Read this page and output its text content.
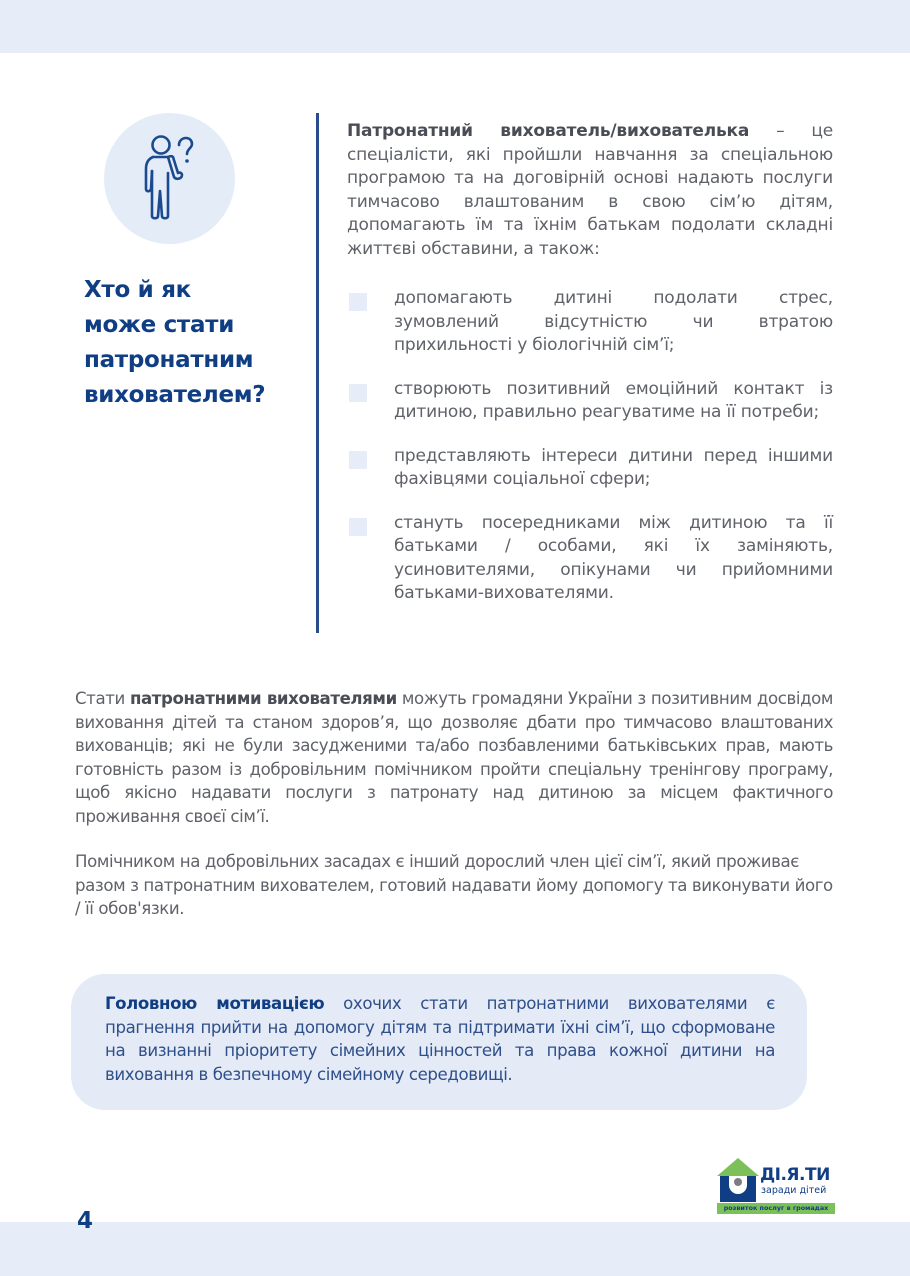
Хто й як
може стати
патронатним
вихователем?
Патронатний вихователь/вихователька – це спеціалісти, які пройшли навчання за спеціальною програмою та на договірній основі надають послуги тимчасово влаштованим в свою сім’ю дітям, допомагають їм та їхнім батькам подолати складні життєві обставини, а також:
допомагають дитині подолати стрес, зумовлений відсутністю чи втратою прихильності у біологічній сім’ї;
створюють позитивний емоційний контакт із дитиною, правильно реагуватиме на її потреби;
представляють інтереси дитини перед іншими фахівцями соціальної сфери;
стануть посередниками між дитиною та її батьками / особами, які їх заміняють, усиновителями, опікунами чи прийомними батьками-вихователями.
Стати патронатними вихователями можуть громадяни України з позитивним досвідом виховання дітей та станом здоров’я, що дозволяє дбати про тимчасово влаштованих вихованців; які не були засудженими та/або позбавленими батьківських прав, мають готовність разом із добровільним помічником пройти спеціальну тренінгову програму, щоб якісно надавати послуги з патронату над дитиною за місцем фактичного проживання своєї сім’ї.
Помічником на добровільних засадах є інший дорослий член цієї сім’ї, який проживає разом з патронатним вихователем, готовий надавати йому допомогу та виконувати його / її обов'язки.
Головною мотивацією охочих стати патронатними вихователями є прагнення прийти на допомогу дітям та підтримати їхні сім’ї, що сформоване на визнанні пріоритету сімейних цінностей та права кожної дитини на виховання в безпечному сімейному середовищі.
ДІ.Я.ТИ
заради дітей
розвиток послуг в громадах
4
